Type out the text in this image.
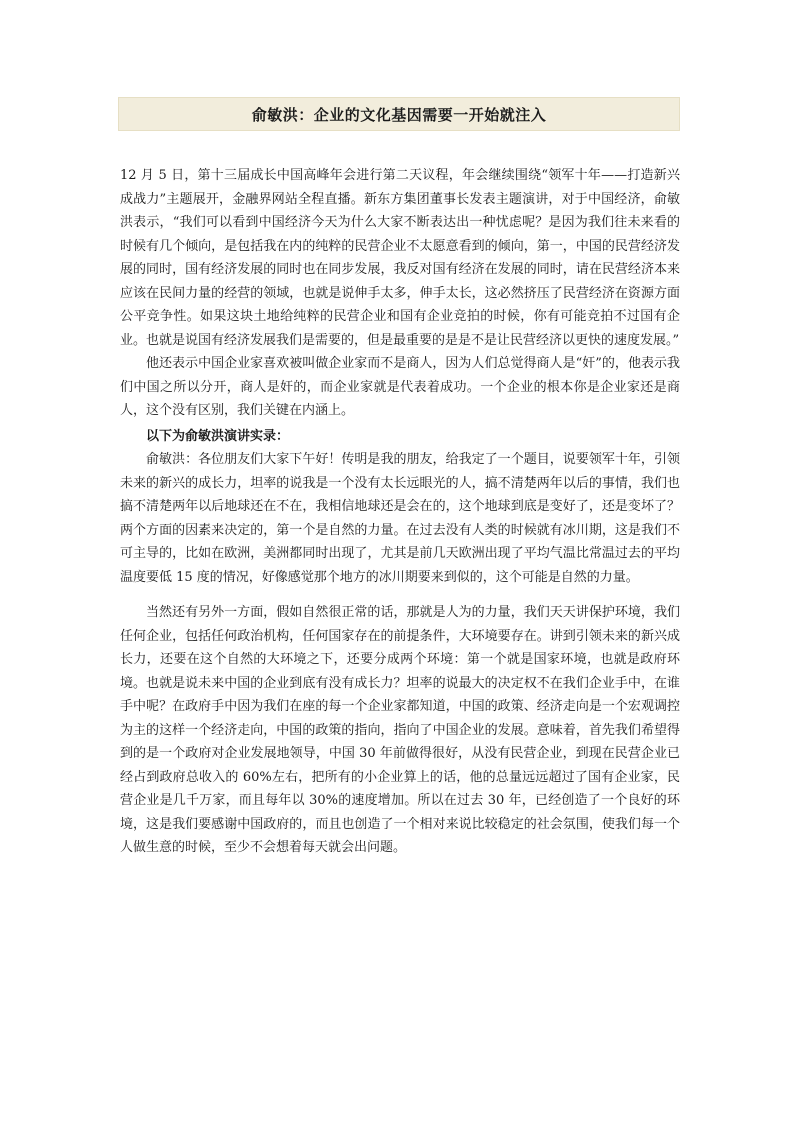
俞敏洪：企业的文化基因需要一开始就注入

12 月 5 日，第十三届成长中国高峰年会进行第二天议程，年会继续围绕“领军十年——打造新兴成战力”主题展开，金融界网站全程直播。新东方集团董事长发表主题演讲，对于中国经济，俞敏洪表示，“我们可以看到中国经济今天为什么大家不断表达出一种忧虑呢？是因为我们往未来看的时候有几个倾向，是包括我在内的纯粹的民营企业不太愿意看到的倾向，第一，中国的民营经济发展的同时，国有经济发展的同时也在同步发展，我反对国有经济在发展的同时，请在民营经济本来应该在民间力量的经营的领域，也就是说伸手太多，伸手太长，这必然挤压了民营经济在资源方面公平竞争性。如果这块土地给纯粹的民营企业和国有企业竞拍的时候，你有可能竞拍不过国有企业。也就是说国有经济发展我们是需要的，但是最重要的是是不是让民营经济以更快的速度发展。”

他还表示中国企业家喜欢被叫做企业家而不是商人，因为人们总觉得商人是“奸”的，他表示我们中国之所以分开，商人是奸的，而企业家就是代表着成功。一个企业的根本你是企业家还是商人，这个没有区别，我们关键在内涵上。

以下为俞敏洪演讲实录：

俞敏洪：各位朋友们大家下午好！传明是我的朋友，给我定了一个题目，说要领军十年，引领未来的新兴的成长力，坦率的说我是一个没有太长远眼光的人，搞不清楚两年以后的事情，我们也搞不清楚两年以后地球还在不在，我相信地球还是会在的，这个地球到底是变好了，还是变坏了？两个方面的因素来决定的，第一个是自然的力量。在过去没有人类的时候就有冰川期，这是我们不可主导的，比如在欧洲，美洲都同时出现了，尤其是前几天欧洲出现了平均气温比常温过去的平均温度要低 15 度的情况，好像感觉那个地方的冰川期要来到似的，这个可能是自然的力量。

当然还有另外一方面，假如自然很正常的话，那就是人为的力量，我们天天讲保护环境，我们任何企业，包括任何政治机构，任何国家存在的前提条件，大环境要存在。讲到引领未来的新兴成长力，还要在这个自然的大环境之下，还要分成两个环境：第一个就是国家环境，也就是政府环境。也就是说未来中国的企业到底有没有成长力？坦率的说最大的决定权不在我们企业手中，在谁手中呢？在政府手中因为我们在座的每一个企业家都知道，中国的政策、经济走向是一个宏观调控为主的这样一个经济走向，中国的政策的指向，指向了中国企业的发展。意味着，首先我们希望得到的是一个政府对企业发展地领导，中国 30 年前做得很好，从没有民营企业，到现在民营企业已经占到政府总收入的 60%左右，把所有的小企业算上的话，他的总量远远超过了国有企业家，民营企业是几千万家，而且每年以 30%的速度增加。所以在过去 30 年，已经创造了一个良好的环境，这是我们要感谢中国政府的，而且也创造了一个相对来说比较稳定的社会氛围，使我们每一个人做生意的时候，至少不会想着每天就会出问题。
